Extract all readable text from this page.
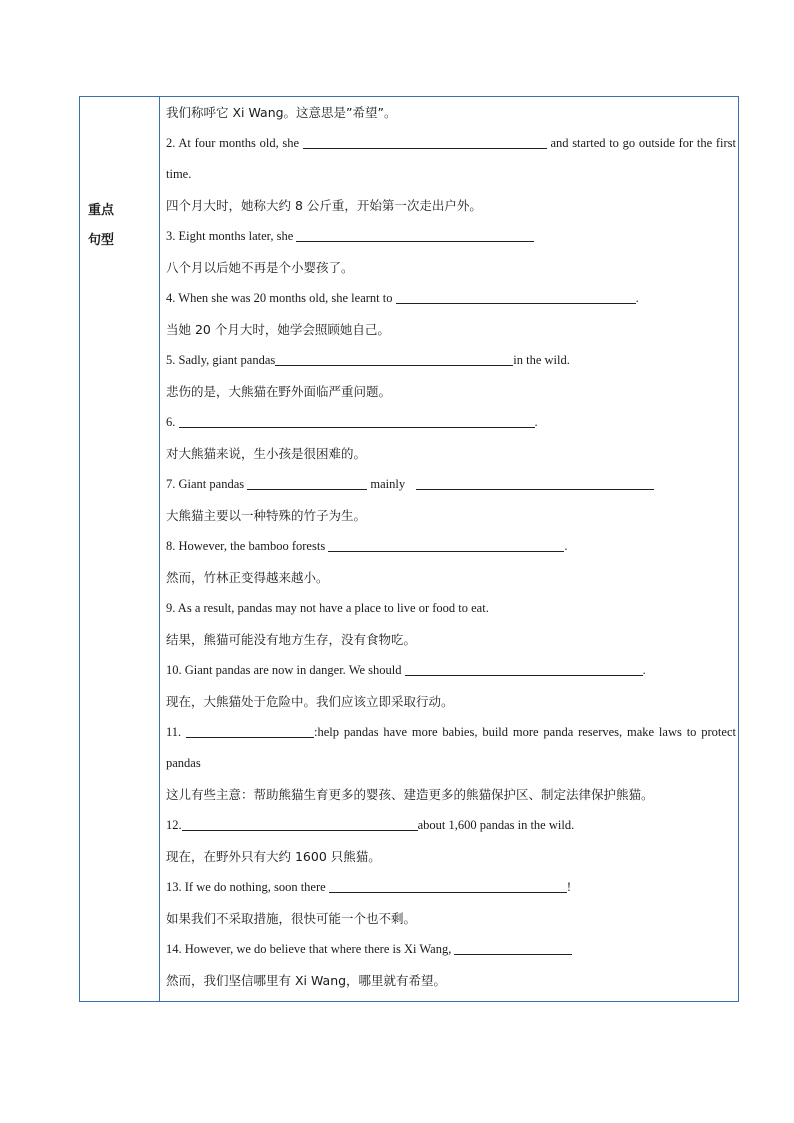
重点
句型
我们称呼它 Xi Wang。这意思是”希望”。
2. At four months old, she	and started to go outside for the first time.
四个月大时，她称大约 8 公斤重，开始第一次走出户外。
3. Eight months later, she
八个月以后她不再是个小婴孩了。
4. When she was 20 months old, she learnt to	.
当她 20 个月大时，她学会照顾她自己。
5. Sadly, giant pandas	in the wild.
悲伤的是，大熊猫在野外面临严重问题。
6.	.
对大熊猫来说，生小孩是很困难的。
7. Giant pandas	mainly
大熊猫主要以一种特殊的竹子为生。
8. However, the bamboo forests	.
然而，竹林正变得越来越小。
9. As a result, pandas may not have a place to live or food to eat.
结果，熊猫可能没有地方生存，没有食物吃。
10. Giant pandas are now in danger. We should	.
现在，大熊猫处于危险中。我们应该立即采取行动。
11.	:help pandas have more babies, build more panda reserves, make laws to protect pandas
这儿有些主意：帮助熊猫生育更多的婴孩、建造更多的熊猫保护区、制定法律保护熊猫。
12.	about 1,600 pandas in the wild.
现在，在野外只有大约 1600 只熊猫。
13. If we do nothing, soon there	!
如果我们不采取措施，很快可能一个也不剩。
14. However, we do believe that where there is Xi Wang,
然而，我们坚信哪里有 Xi Wang，哪里就有希望。
